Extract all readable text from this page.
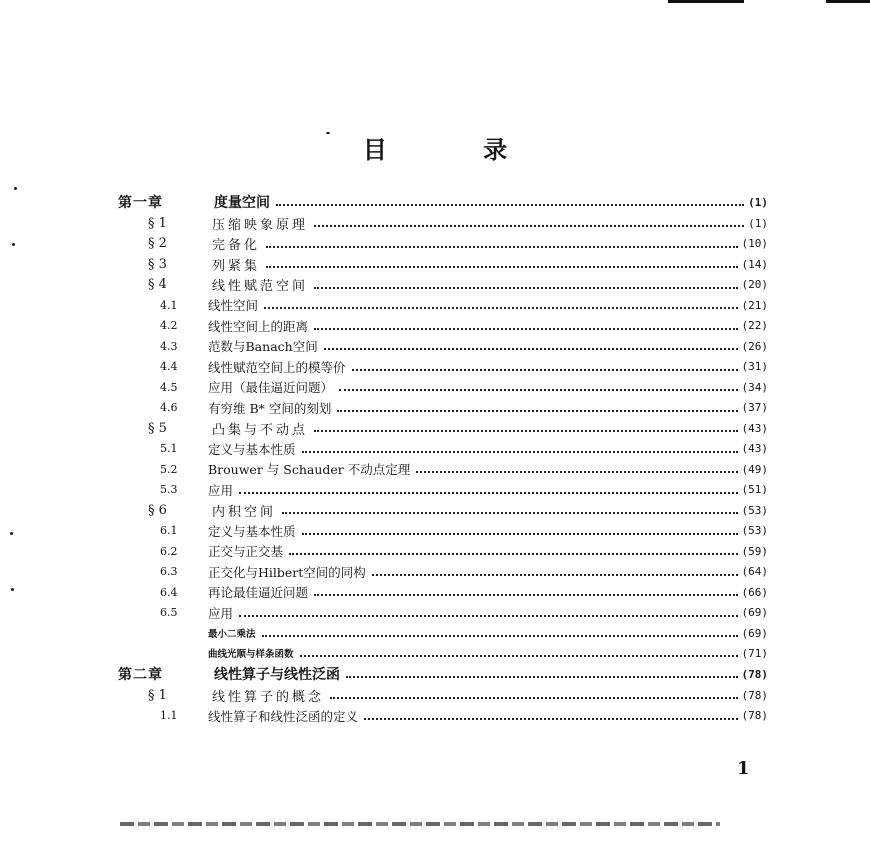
目 录
第一章	度量空间	(1)
§ 1	压缩映象原理	(1)
§ 2	完备化	(10)
§ 3	列紧集	(14)
§ 4	线性赋范空间	(20)
4.1	线性空间	(21)
4.2	线性空间上的距离	(22)
4.3	范数与Banach空间	(26)
4.4	线性赋范空间上的模等价	(31)
4.5	应用（最佳逼近问题）	(34)
4.6	有穷维 B* 空间的刻划	(37)
§ 5	凸集与不动点	(43)
5.1	定义与基本性质	(43)
5.2	Brouwer 与 Schauder 不动点定理	(49)
5.3	应用	(51)
§ 6	内积空间	(53)
6.1	定义与基本性质	(53)
6.2	正交与正交基	(59)
6.3	正交化与Hilbert空间的同构	(64)
6.4	再论最佳逼近问题	(66)
6.5	应用	(69)
最小二乘法	(69)
曲线光顺与样条函数	(71)
第二章	线性算子与线性泛函	(78)
§ 1	线性算子的概念	(78)
1.1	线性算子和线性泛函的定义	(78)
1
